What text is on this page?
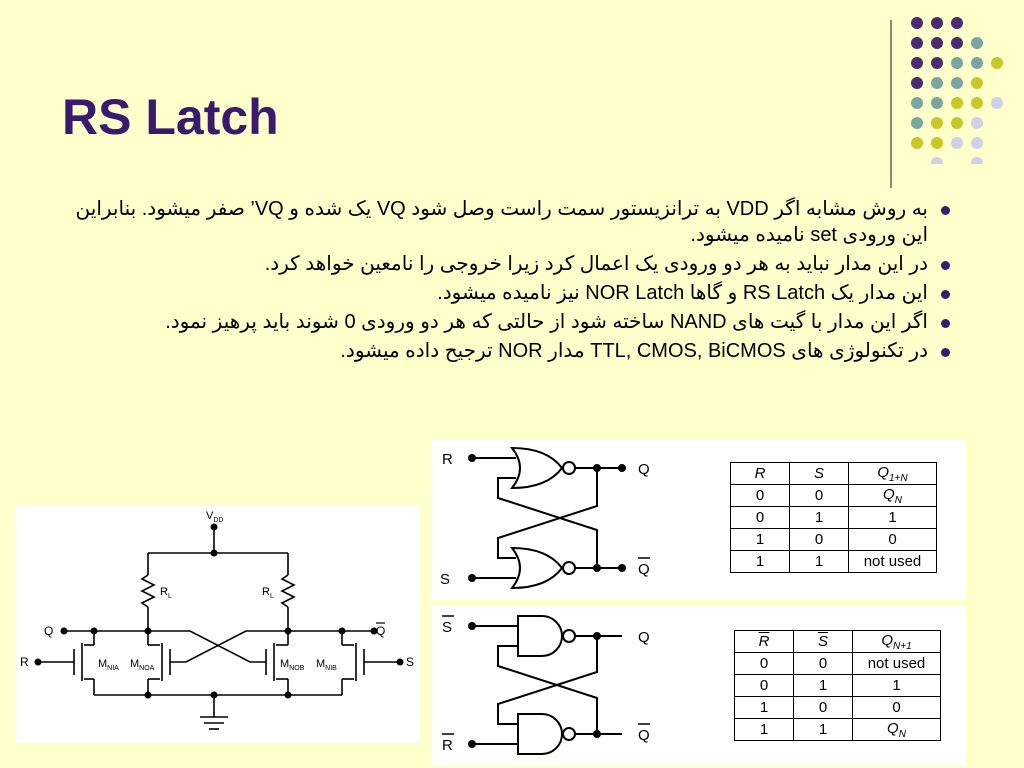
RS Latch
به روش مشابه اگر VDD به ترانزیستور سمت راست وصل شود VQ یک شده و VQ’ صفر میشود. بنابراین این ورودی set نامیده میشود.
در این مدار نباید به هر دو ورودی یک اعمال کرد زیرا خروجی را نامعین خواهد کرد.
این مدار یک RS Latch و گاها NOR Latch نیز نامیده میشود.
اگر این مدار با گیت های NAND ساخته شود از حالتی که هر دو ورودی 0 شوند باید پرهیز نمود.
در تکنولوژی های TTL, CMOS, BiCMOS مدار NOR ترجیح داده میشود.
R
S
Q
Q
R	S	$Q_{1+N}$
0	0	$Q_N$
0	1	1
1	0	0
1	1	not used
S
R
Q
Q
$\overline{R}$	$\overline{S}$	$Q_{N+1}$
0	0	not used
0	1	1
1	0	0
1	1	$Q_N$
$V_{DD}$
$R_L$	$R_L$
$M_{NIA}$ $M_{NOA}$	$M_{NOB}$ $M_{NIB}$
Q	Q
R	S
